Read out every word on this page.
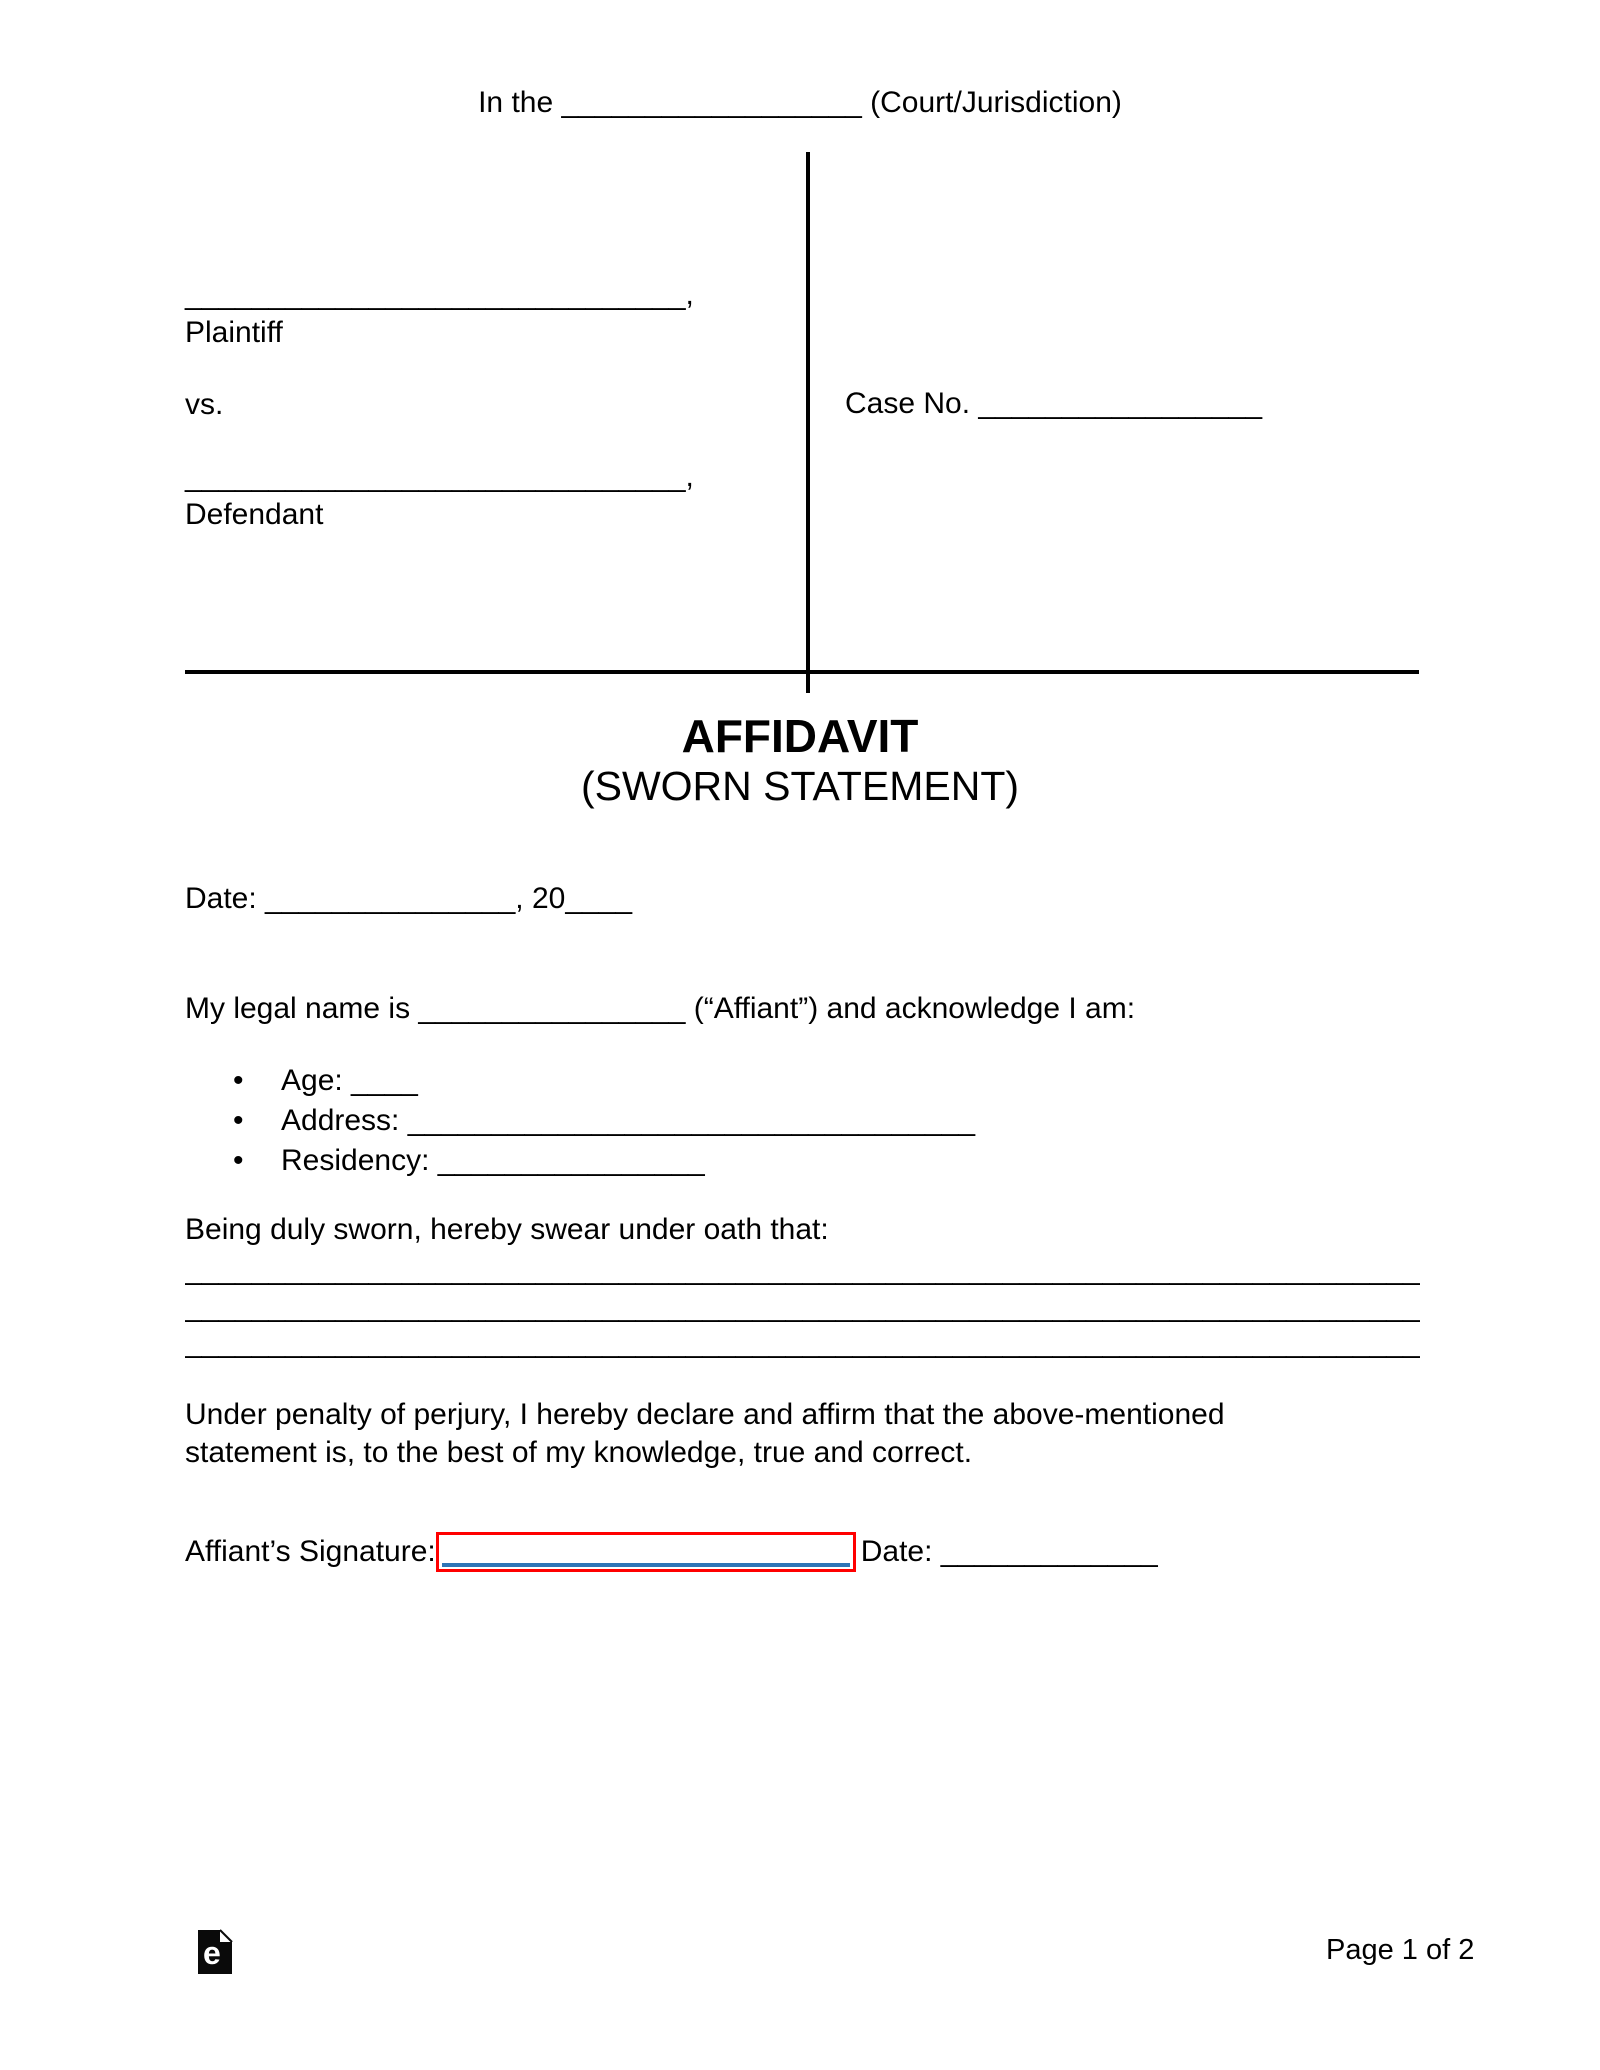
In the __________________ (Court/Jurisdiction)
______________________________,
Plaintiff
vs.
______________________________,
Defendant
Case No. _________________
AFFIDAVIT
(SWORN STATEMENT)
Date: _______________, 20____
My legal name is ________________ (“Affiant”) and acknowledge I am:
• Age: ____
• Address: __________________________________
• Residency: ________________
Being duly sworn, hereby swear under oath that:
__________________________________________________________________________
__________________________________________________________________________
__________________________________________________________________________
Under penalty of perjury, I hereby declare and affirm that the above-mentioned
statement is, to the best of my knowledge, true and correct.
Affiant’s Signature:	Date: _____________
e	Page 1 of 2
